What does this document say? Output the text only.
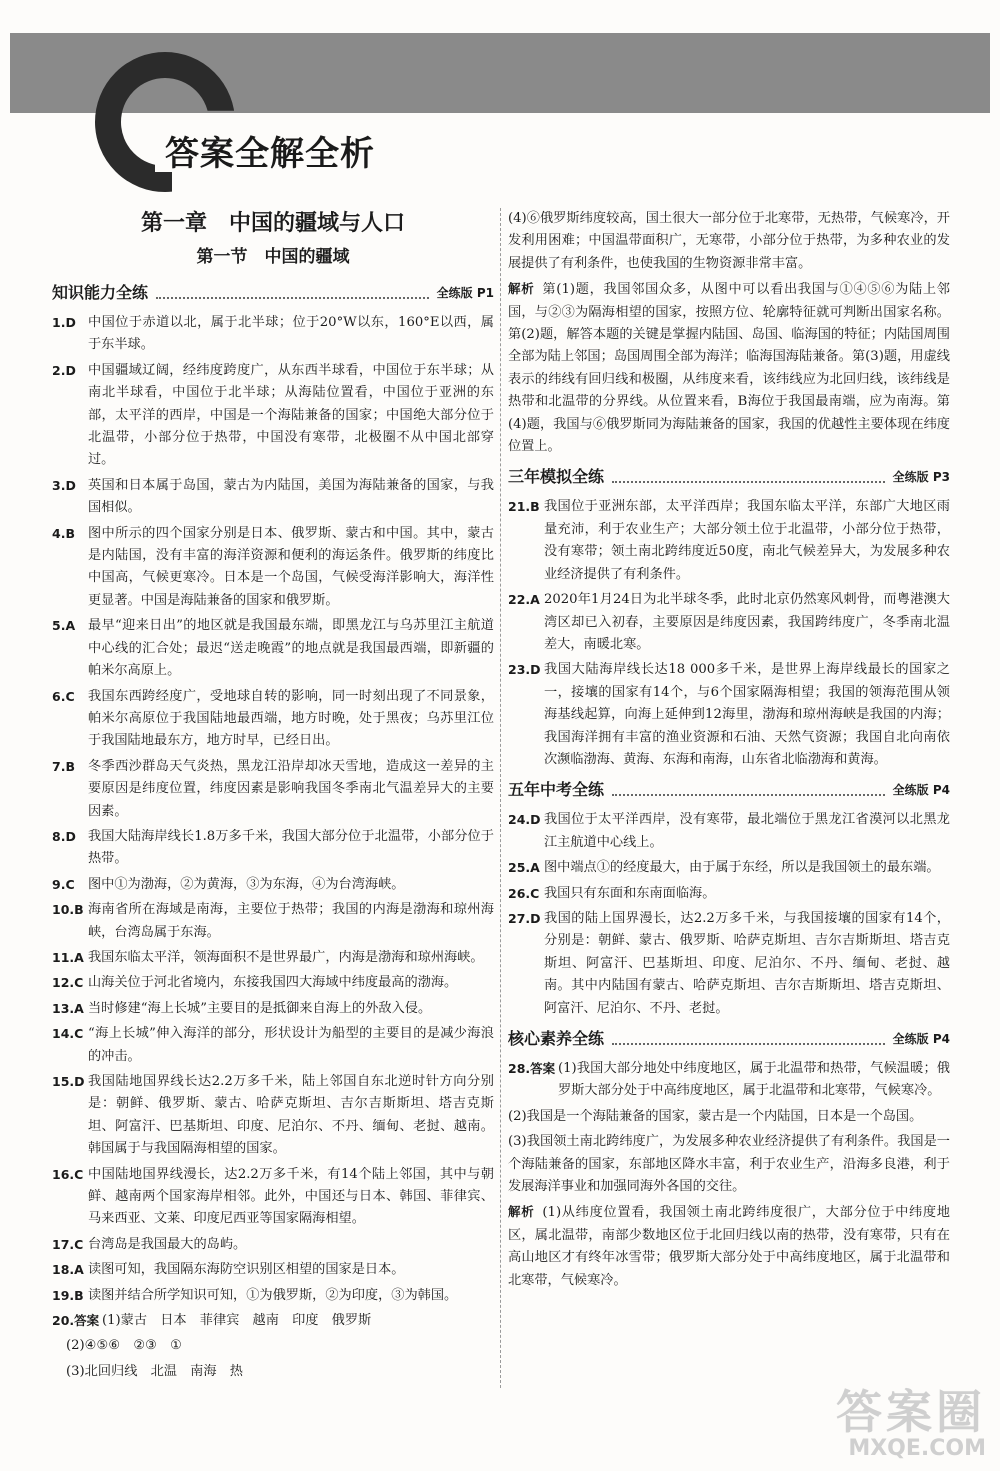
答案全解全析
第一章　中国的疆域与人口
第一节　中国的疆域
知识能力全练	全练版 P1
1.D 中国位于赤道以北，属于北半球；位于20°W以东，160°E以西，属于东半球。
2.D 中国疆域辽阔，经纬度跨度广，从东西半球看，中国位于东半球；从南北半球看，中国位于北半球；从海陆位置看，中国位于亚洲的东部，太平洋的西岸，中国是一个海陆兼备的国家；中国绝大部分位于北温带，小部分位于热带，中国没有寒带，北极圈不从中国北部穿过。
3.D 英国和日本属于岛国，蒙古为内陆国，美国为海陆兼备的国家，与我国相似。
4.B 图中所示的四个国家分别是日本、俄罗斯、蒙古和中国。其中，蒙古是内陆国，没有丰富的海洋资源和便利的海运条件。俄罗斯的纬度比中国高，气候更寒冷。日本是一个岛国，气候受海洋影响大，海洋性更显著。中国是海陆兼备的国家和俄罗斯。
5.A 最早“迎来日出”的地区就是我国最东端，即黑龙江与乌苏里江主航道中心线的汇合处；最迟“送走晚霞”的地点就是我国最西端，即新疆的帕米尔高原上。
6.C	我国东西跨经度广，受地球自转的影响，同一时刻出现了不同景象，帕米尔高原位于我国陆地最西端，地方时晚，处于黑夜；乌苏里江位于我国陆地最东方，地方时早，已经日出。
7.B 冬季西沙群岛天气炎热，黑龙江沿岸却冰天雪地，造成这一差异的主要原因是纬度位置，纬度因素是影响我国冬季南北气温差异大的主要因素。
8.D 我国大陆海岸线长1.8万多千米，我国大部分位于北温带，小部分位于热带。
9.C	图中①为渤海，②为黄海，③为东海，④为台湾海峡。
10.B 海南省所在海域是南海，主要位于热带；我国的内海是渤海和琼州海峡，台湾岛属于东海。
11.A 我国东临太平洋，领海面积不是世界最广，内海是渤海和琼州海峡。
12.C 山海关位于河北省境内，东接我国四大海域中纬度最高的渤海。
13.A 当时修建“海上长城”主要目的是抵御来自海上的外敌入侵。
14.C “海上长城”伸入海洋的部分，形状设计为船型的主要目的是减少海浪的冲击。
15.D 我国陆地国界线长达2.2万多千米，陆上邻国自东北逆时针方向分别是：朝鲜、俄罗斯、蒙古、哈萨克斯坦、吉尔吉斯斯坦、塔吉克斯坦、阿富汗、巴基斯坦、印度、尼泊尔、不丹、缅甸、老挝、越南。韩国属于与我国隔海相望的国家。
16.C 中国陆地国界线漫长，达2.2万多千米，有14个陆上邻国，其中与朝鲜、越南两个国家海岸相邻。此外，中国还与日本、韩国、菲律宾、马来西亚、文莱、印度尼西亚等国家隔海相望。
17.C 台湾岛是我国最大的岛屿。
18.A 读图可知，我国隔东海防空识别区相望的国家是日本。
19.B 读图并结合所学知识可知，①为俄罗斯，②为印度，③为韩国。
20.答案 (1)蒙古　日本　菲律宾　越南　印度　俄罗斯
(2)④⑤⑥　②③　①
(3)北回归线　北温　南海　热
(4)⑥俄罗斯纬度较高，国土很大一部分位于北寒带，无热带，气候寒冷，开发利用困难；中国温带面积广，无寒带，小部分位于热带，为多种农业的发展提供了有利条件，也使我国的生物资源非常丰富。
解析 第(1)题，我国邻国众多，从图中可以看出我国与①④⑤⑥为陆上邻国，与②③为隔海相望的国家，按照方位、轮廓特征就可判断出国家名称。第(2)题，解答本题的关键是掌握内陆国、岛国、临海国的特征；内陆国周围全部为陆上邻国；岛国周围全部为海洋；临海国海陆兼备。第(3)题，用虚线表示的纬线有回归线和极圈，从纬度来看，该纬线应为北回归线，该纬线是热带和北温带的分界线。从位置来看，B海位于我国最南端，应为南海。第(4)题，我国与⑥俄罗斯同为海陆兼备的国家，我国的优越性主要体现在纬度位置上。
三年模拟全练	全练版 P3
21.B 我国位于亚洲东部，太平洋西岸；我国东临太平洋，东部广大地区雨量充沛，利于农业生产；大部分领土位于北温带，小部分位于热带，没有寒带；领土南北跨纬度近50度，南北气候差异大，为发展多种农业经济提供了有利条件。
22.A 2020年1月24日为北半球冬季，此时北京仍然寒风刺骨，而粤港澳大湾区却已入初春，主要原因是纬度因素，我国跨纬度广，冬季南北温差大，南暖北寒。
23.D 我国大陆海岸线长达18 000多千米，是世界上海岸线最长的国家之一，接壤的国家有14个，与6个国家隔海相望；我国的领海范围从领海基线起算，向海上延伸到12海里，渤海和琼州海峡是我国的内海；我国海洋拥有丰富的渔业资源和石油、天然气资源；我国自北向南依次濒临渤海、黄海、东海和南海，山东省北临渤海和黄海。
五年中考全练	全练版 P4
24.D 我国位于太平洋西岸，没有寒带，最北端位于黑龙江省漠河以北黑龙江主航道中心线上。
25.A 图中端点①的经度最大，由于属于东经，所以是我国领土的最东端。
26.C 我国只有东面和东南面临海。
27.D 我国的陆上国界漫长，达2.2万多千米，与我国接壤的国家有14个，分别是：朝鲜、蒙古、俄罗斯、哈萨克斯坦、吉尔吉斯斯坦、塔吉克斯坦、阿富汗、巴基斯坦、印度、尼泊尔、不丹、缅甸、老挝、越南。其中内陆国有蒙古、哈萨克斯坦、吉尔吉斯斯坦、塔吉克斯坦、阿富汗、尼泊尔、不丹、老挝。
核心素养全练	全练版 P4
28.答案 (1)我国大部分地处中纬度地区，属于北温带和热带，气候温暖；俄罗斯大部分处于中高纬度地区，属于北温带和北寒带，气候寒冷。
(2)我国是一个海陆兼备的国家，蒙古是一个内陆国，日本是一个岛国。
(3)我国领土南北跨纬度广，为发展多种农业经济提供了有利条件。我国是一个海陆兼备的国家，东部地区降水丰富，利于农业生产，沿海多良港，利于发展海洋事业和加强同海外各国的交往。
解析 (1)从纬度位置看，我国领土南北跨纬度很广，大部分位于中纬度地区，属北温带，南部少数地区位于北回归线以南的热带，没有寒带，只有在高山地区才有终年冰雪带；俄罗斯大部分处于中高纬度地区，属于北温带和北寒带，气候寒冷。
答案圈
MXQE.COM
